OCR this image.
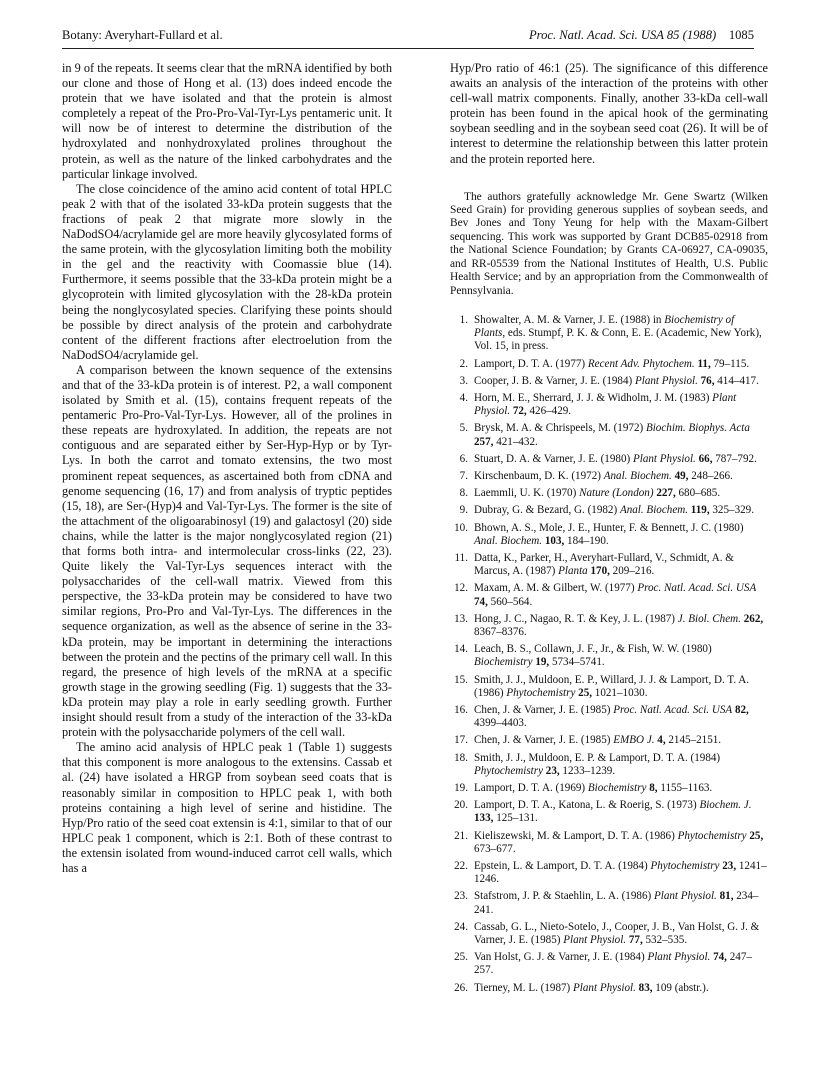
Botany: Averyhart-Fullard et al.	Proc. Natl. Acad. Sci. USA 85 (1988) 1085

in 9 of the repeats. It seems clear that the mRNA identified by both our clone and those of Hong et al. (13) does indeed encode the protein that we have isolated and that the protein is almost completely a repeat of the Pro-Pro-Val-Tyr-Lys pentameric unit. It will now be of interest to determine the distribution of the hydroxylated and nonhydroxylated prolines throughout the protein, as well as the nature of the linked carbohydrates and the particular linkage involved.

The close coincidence of the amino acid content of total HPLC peak 2 with that of the isolated 33-kDa protein suggests that the fractions of peak 2 that migrate more slowly in the NaDodSO4/acrylamide gel are more heavily glycosylated forms of the same protein, with the glycosylation limiting both the mobility in the gel and the reactivity with Coomassie blue (14). Furthermore, it seems possible that the 33-kDa protein might be a glycoprotein with limited glycosylation with the 28-kDa protein being the nonglycosylated species. Clarifying these points should be possible by direct analysis of the protein and carbohydrate content of the different fractions after electroelution from the NaDodSO4/acrylamide gel.

A comparison between the known sequence of the extensins and that of the 33-kDa protein is of interest. P2, a wall component isolated by Smith et al. (15), contains frequent repeats of the pentameric Pro-Pro-Val-Tyr-Lys. However, all of the prolines in these repeats are hydroxylated. In addition, the repeats are not contiguous and are separated either by Ser-Hyp-Hyp or by Tyr-Lys. In both the carrot and tomato extensins, the two most prominent repeat sequences, as ascertained both from cDNA and genome sequencing (16, 17) and from analysis of tryptic peptides (15, 18), are Ser-(Hyp)4 and Val-Tyr-Lys. The former is the site of the attachment of the oligoarabinosyl (19) and galactosyl (20) side chains, while the latter is the major nonglycosylated region (21) that forms both intra- and intermolecular cross-links (22, 23). Quite likely the Val-Tyr-Lys sequences interact with the polysaccharides of the cell-wall matrix. Viewed from this perspective, the 33-kDa protein may be considered to have two similar regions, Pro-Pro and Val-Tyr-Lys. The differences in the sequence organization, as well as the absence of serine in the 33-kDa protein, may be important in determining the interactions between the protein and the pectins of the primary cell wall. In this regard, the presence of high levels of the mRNA at a specific growth stage in the growing seedling (Fig. 1) suggests that the 33-kDa protein may play a role in early seedling growth. Further insight should result from a study of the interaction of the 33-kDa protein with the polysaccharide polymers of the cell wall.

The amino acid analysis of HPLC peak 1 (Table 1) suggests that this component is more analogous to the extensins. Cassab et al. (24) have isolated a HRGP from soybean seed coats that is reasonably similar in composition to HPLC peak 1, with both proteins containing a high level of serine and histidine. The Hyp/Pro ratio of the seed coat extensin is 4:1, similar to that of our HPLC peak 1 component, which is 2:1. Both of these contrast to the extensin isolated from wound-induced carrot cell walls, which has a

Hyp/Pro ratio of 46:1 (25). The significance of this difference awaits an analysis of the interaction of the proteins with other cell-wall matrix components. Finally, another 33-kDa cell-wall protein has been found in the apical hook of the germinating soybean seedling and in the soybean seed coat (26). It will be of interest to determine the relationship between this latter protein and the protein reported here.

The authors gratefully acknowledge Mr. Gene Swartz (Wilken Seed Grain) for providing generous supplies of soybean seeds, and Bev Jones and Tony Yeung for help with the Maxam-Gilbert sequencing. This work was supported by Grant DCB85-02918 from the National Science Foundation; by Grants CA-06927, CA-09035, and RR-05539 from the National Institutes of Health, U.S. Public Health Service; and by an appropriation from the Commonwealth of Pennsylvania.

1 . Showalter, A. M. & Varner, J. E. (1988) in Biochemistry of Plants, eds. Stumpf, P. K. & Conn, E. E. (Academic, New York), Vol. 15, in press.
2 . Lamport, D. T. A. (1977) Recent Adv. Phytochem. 11, 79–115.
3 . Cooper, J. B. & Varner, J. E. (1984) Plant Physiol. 76, 414–417.
4 . Horn, M. E., Sherrard, J. J. & Widholm, J. M. (1983) Plant Physiol. 72, 426–429.
5 . Brysk, M. A. & Chrispeels, M. (1972) Biochim. Biophys. Acta 257, 421–432.
6 . Stuart, D. A. & Varner, J. E. (1980) Plant Physiol. 66, 787–792.
7 . Kirschenbaum, D. K. (1972) Anal. Biochem. 49, 248–266.
8 . Laemmli, U. K. (1970) Nature (London) 227, 680–685.
9 . Dubray, G. & Bezard, G. (1982) Anal. Biochem. 119, 325–329.
10 . Bhown, A. S., Mole, J. E., Hunter, F. & Bennett, J. C. (1980) Anal. Biochem. 103, 184–190.
11 . Datta, K., Parker, H., Averyhart-Fullard, V., Schmidt, A. & Marcus, A. (1987) Planta 170, 209–216.
12 . Maxam, A. M. & Gilbert, W. (1977) Proc. Natl. Acad. Sci. USA 74, 560–564.
13 . Hong, J. C., Nagao, R. T. & Key, J. L. (1987) J. Biol. Chem. 262, 8367–8376.
14 . Leach, B. S., Collawn, J. F., Jr., & Fish, W. W. (1980) Biochemistry 19, 5734–5741.
15 . Smith, J. J., Muldoon, E. P., Willard, J. J. & Lamport, D. T. A. (1986) Phytochemistry 25, 1021–1030.
16 . Chen, J. & Varner, J. E. (1985) Proc. Natl. Acad. Sci. USA 82, 4399–4403.
17 . Chen, J. & Varner, J. E. (1985) EMBO J. 4, 2145–2151.
18 . Smith, J. J., Muldoon, E. P. & Lamport, D. T. A. (1984) Phytochemistry 23, 1233–1239.
19 . Lamport, D. T. A. (1969) Biochemistry 8, 1155–1163.
20 . Lamport, D. T. A., Katona, L. & Roerig, S. (1973) Biochem. J. 133, 125–131.
21 . Kieliszewski, M. & Lamport, D. T. A. (1986) Phytochemistry 25, 673–677.
22 . Epstein, L. & Lamport, D. T. A. (1984) Phytochemistry 23, 1241–1246.
23 . Stafstrom, J. P. & Staehlin, L. A. (1986) Plant Physiol. 81, 234–241.
24 . Cassab, G. L., Nieto-Sotelo, J., Cooper, J. B., Van Holst, G. J. & Varner, J. E. (1985) Plant Physiol. 77, 532–535.
25 . Van Holst, G. J. & Varner, J. E. (1984) Plant Physiol. 74, 247–257.
26 . Tierney, M. L. (1987) Plant Physiol. 83, 109 (abstr.).
